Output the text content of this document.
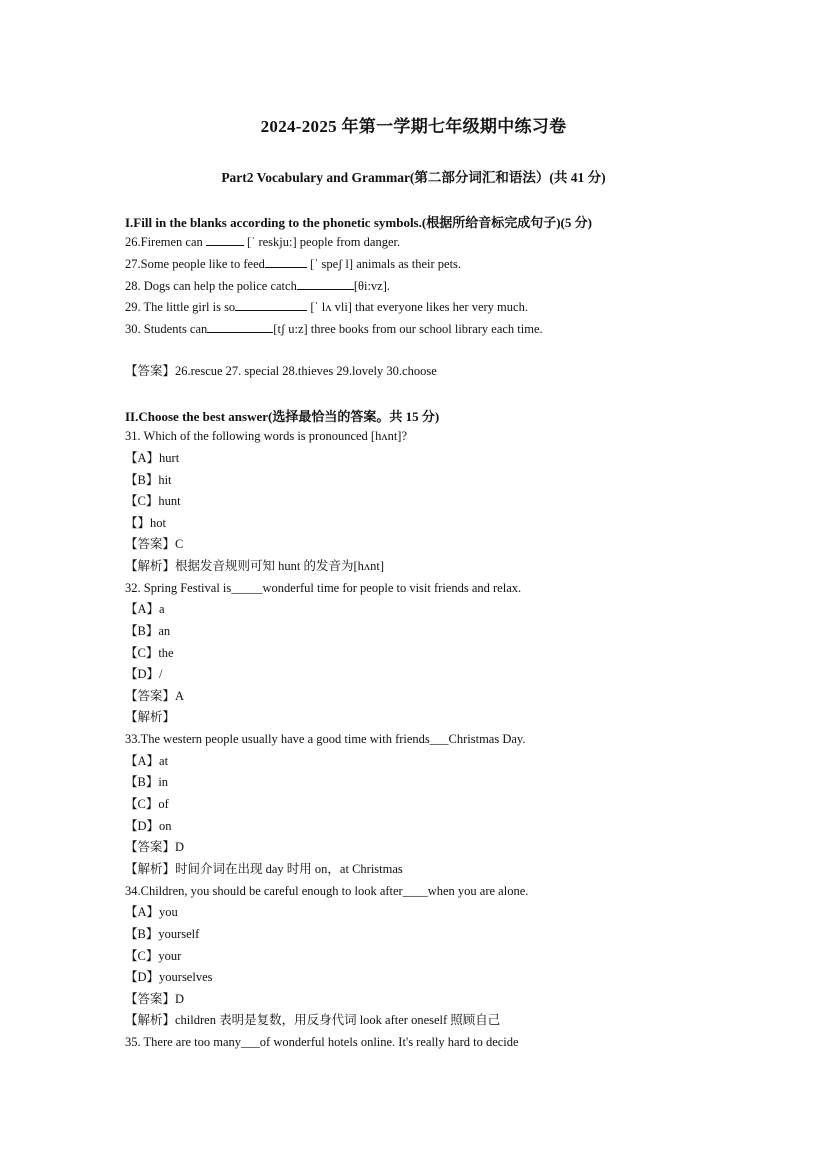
2024-2025 年第一学期七年级期中练习卷
Part2 Vocabulary and Grammar(第二部分词汇和语法）(共 41 分)
I.Fill in the blanks according to the phonetic symbols.(根据所给音标完成句子)(5 分)
26.Firemen can	[ˈ reskju:] people from danger.
27.Some people like to feed	[ˈ speʃ l] animals as their pets.
28. Dogs can help the police catch	[θi:vz].
29. The little girl is so	[ˈ lʌ vli] that everyone likes her very much.
30. Students can	[tʃ u:z] three books from our school library each time.
【答案】26.rescue 27. special 28.thieves 29.lovely 30.choose
II.Choose the best answer(选择最恰当的答案。共 15 分)
31. Which of the following words is pronounced [hʌnt]?
【A】hurt
【B】hit
【C】hunt
【】hot
【答案】C
【解析】根据发音规则可知 hunt 的发音为[hʌnt]
32. Spring Festival is_____wonderful time for people to visit friends and relax.
【A】a
【B】an
【C】the
【D】/
【答案】A
【解析】
33.The western people usually have a good time with friends___Christmas Day.
【A】at
【B】in
【C】of
【D】on
【答案】D
【解析】时间介词在出现 day 时用 on，at Christmas
34.Children, you should be careful enough to look after____when you are alone.
【A】you
【B】yourself
【C】your
【D】yourselves
【答案】D
【解析】children 表明是复数，用反身代词 look after oneself 照顾自己
35. There are too many___of wonderful hotels online. It's really hard to decide
